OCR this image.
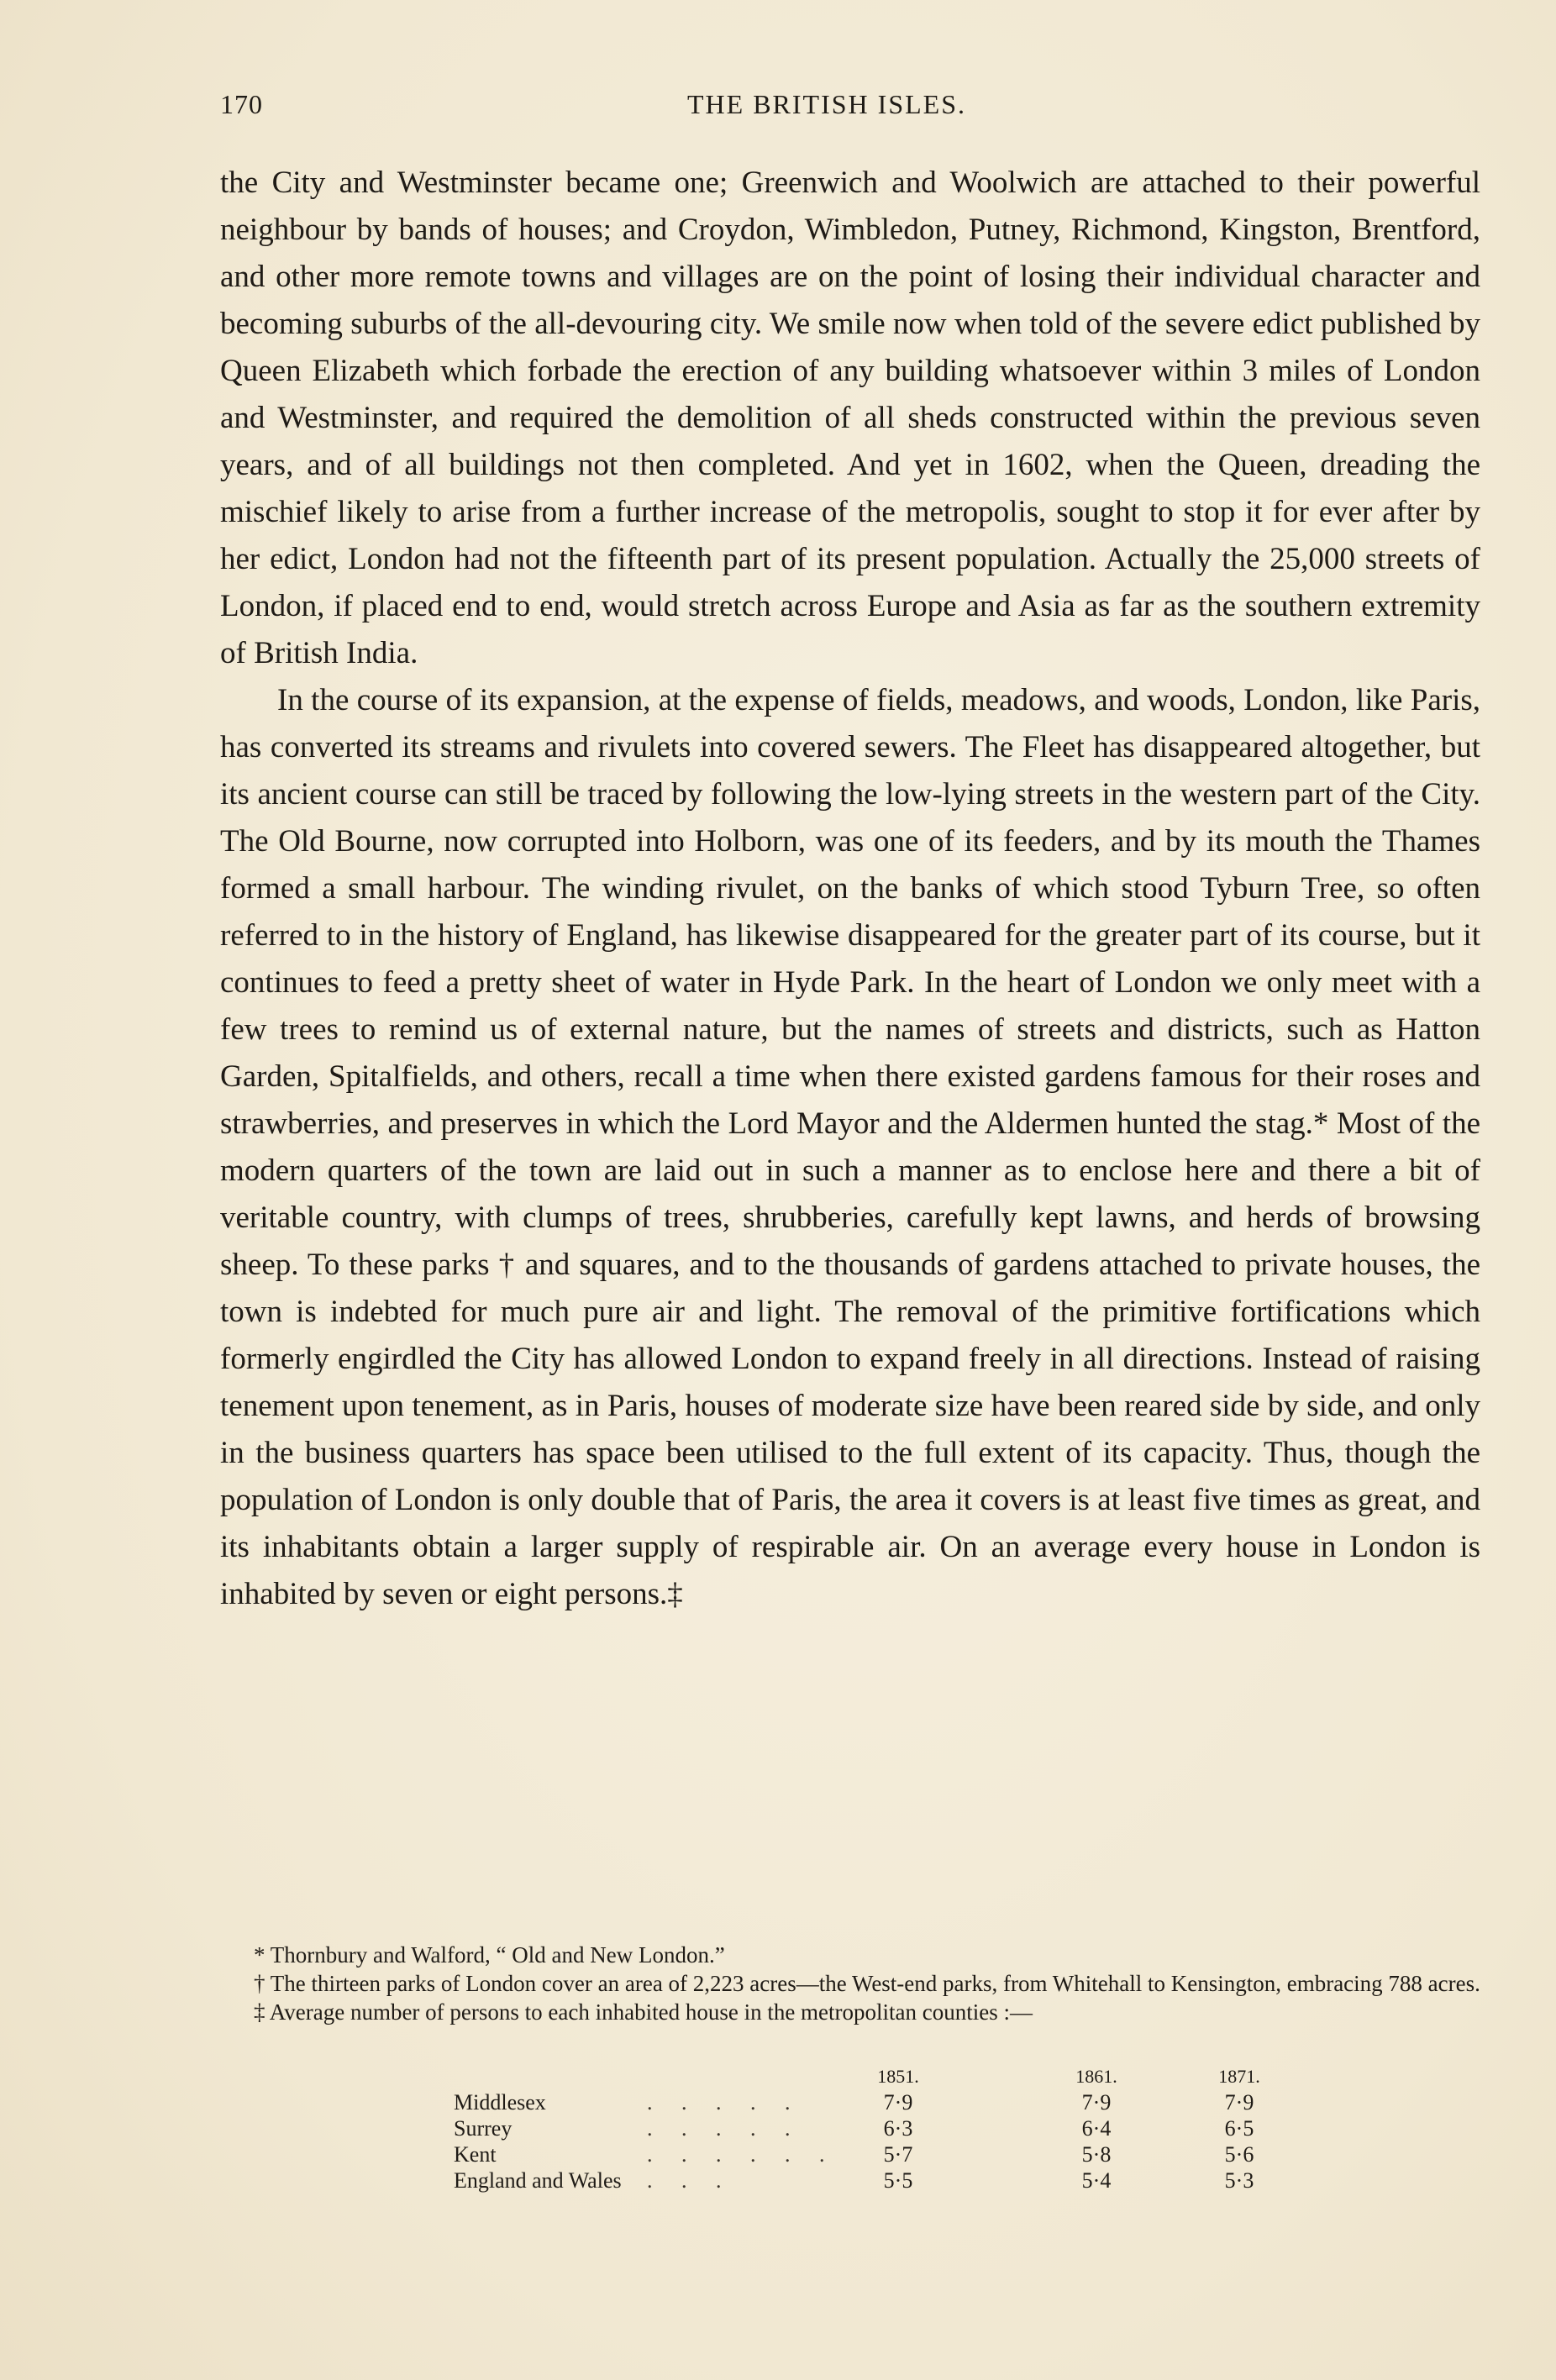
170	THE BRITISH ISLES.

the City and Westminster became one; Greenwich and Woolwich are attached to their powerful neighbour by bands of houses; and Croydon, Wimbledon, Putney, Richmond, Kingston, Brentford, and other more remote towns and villages are on the point of losing their individual character and becoming suburbs of the all-devouring city. We smile now when told of the severe edict published by Queen Elizabeth which forbade the erection of any building whatsoever within 3 miles of London and Westminster, and required the demolition of all sheds constructed within the previous seven years, and of all buildings not then completed. And yet in 1602, when the Queen, dreading the mischief likely to arise from a further increase of the metropolis, sought to stop it for ever after by her edict, London had not the fifteenth part of its present population. Actually the 25,000 streets of London, if placed end to end, would stretch across Europe and Asia as far as the southern extremity of British India.

In the course of its expansion, at the expense of fields, meadows, and woods, London, like Paris, has converted its streams and rivulets into covered sewers. The Fleet has disappeared altogether, but its ancient course can still be traced by following the low-lying streets in the western part of the City. The Old Bourne, now corrupted into Holborn, was one of its feeders, and by its mouth the Thames formed a small harbour. The winding rivulet, on the banks of which stood Tyburn Tree, so often referred to in the history of England, has likewise disappeared for the greater part of its course, but it continues to feed a pretty sheet of water in Hyde Park. In the heart of London we only meet with a few trees to remind us of external nature, but the names of streets and districts, such as Hatton Garden, Spitalfields, and others, recall a time when there existed gardens famous for their roses and strawberries, and preserves in which the Lord Mayor and the Aldermen hunted the stag.* Most of the modern quarters of the town are laid out in such a manner as to enclose here and there a bit of veritable country, with clumps of trees, shrubberies, carefully kept lawns, and herds of browsing sheep. To these parks † and squares, and to the thousands of gardens attached to private houses, the town is indebted for much pure air and light. The removal of the primitive fortifications which formerly engirdled the City has allowed London to expand freely in all directions. Instead of raising tenement upon tenement, as in Paris, houses of moderate size have been reared side by side, and only in the business quarters has space been utilised to the full extent of its capacity. Thus, though the population of London is only double that of Paris, the area it covers is at least five times as great, and its inhabitants obtain a larger supply of respirable air. On an average every house in London is inhabited by seven or eight persons.‡

* Thornbury and Walford, “ Old and New London.”

† The thirteen parks of London cover an area of 2,223 acres—the West-end parks, from Whitehall to Kensington, embracing 788 acres.

‡ Average number of persons to each inhabited house in the metropolitan counties :—

1851.	1861.	1871.
Middlesex	. . . . .	7·9	7·9	7·9
Surrey	. . . . .	6·3	6·4	6·5
Kent	. . . . . .	5·7	5·8	5·6
England and Wales . . .	5·5	5·4	5·3
